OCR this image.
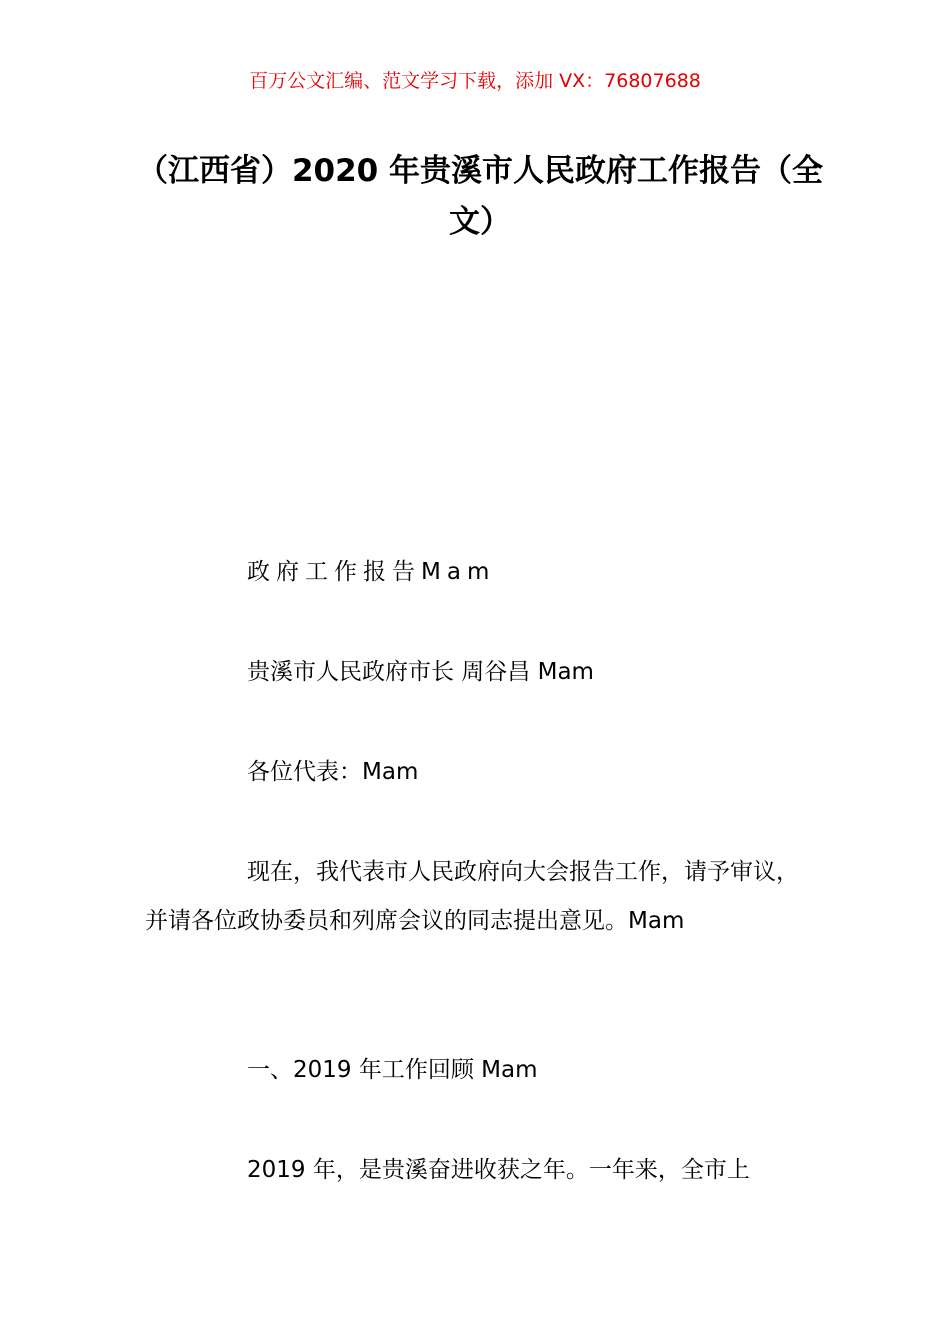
百万公文汇编、范文学习下载，添加 VX：76807688
（江西省）2020 年贵溪市人民政府工作报告（全文）
政府工作报告Mam
贵溪市人民政府市长 周谷昌 Mam
各位代表：Mam
现在，我代表市人民政府向大会报告工作，请予审议，并请各位政协委员和列席会议的同志提出意见。Mam
一、2019 年工作回顾 Mam
2019 年，是贵溪奋进收获之年。一年来，全市上
